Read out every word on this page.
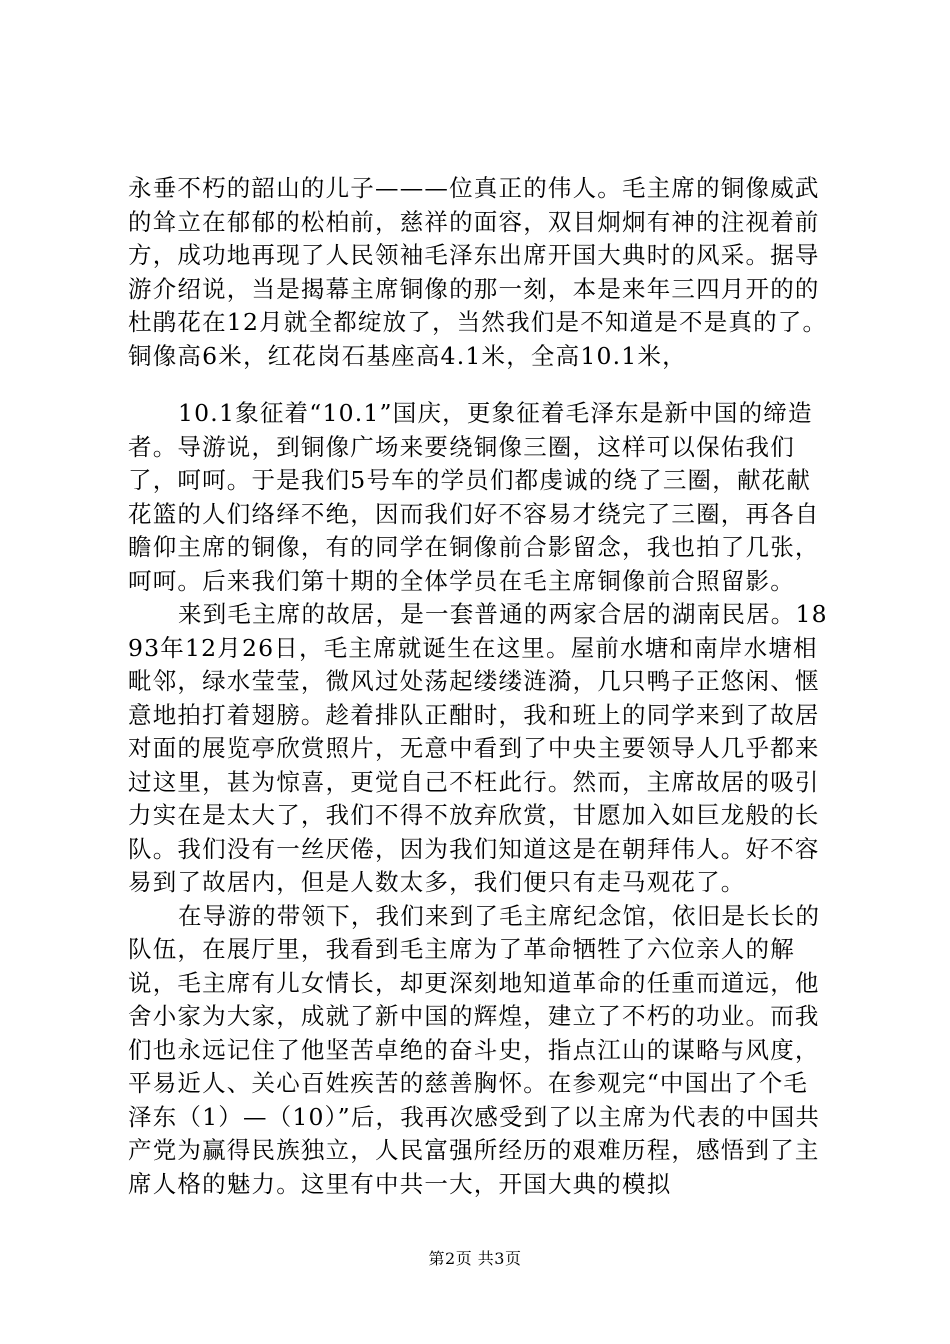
永垂不朽的韶山的儿子———位真正的伟人。毛主席的铜像威武的耸立在郁郁的松柏前，慈祥的面容，双目炯炯有神的注视着前方，成功地再现了人民领袖毛泽东出席开国大典时的风采。据导游介绍说，当是揭幕主席铜像的那一刻，本是来年三四月开的的杜鹃花在12月就全都绽放了，当然我们是不知道是不是真的了。铜像高6米，红花岗石基座高4.1米，全高10.1米，

10.1象征着“10.1”国庆，更象征着毛泽东是新中国的缔造者。导游说，到铜像广场来要绕铜像三圈，这样可以保佑我们了，呵呵。于是我们5号车的学员们都虔诚的绕了三圈，献花献花篮的人们络绎不绝，因而我们好不容易才绕完了三圈，再各自瞻仰主席的铜像，有的同学在铜像前合影留念，我也拍了几张，呵呵。后来我们第十期的全体学员在毛主席铜像前合照留影。

来到毛主席的故居，是一套普通的两家合居的湖南民居。1893年12月26日，毛主席就诞生在这里。屋前水塘和南岸水塘相毗邻，绿水莹莹，微风过处荡起缕缕涟漪，几只鸭子正悠闲、惬意地拍打着翅膀。趁着排队正酣时，我和班上的同学来到了故居对面的展览亭欣赏照片，无意中看到了中央主要领导人几乎都来过这里，甚为惊喜，更觉自己不枉此行。然而，主席故居的吸引力实在是太大了，我们不得不放弃欣赏，甘愿加入如巨龙般的长队。我们没有一丝厌倦，因为我们知道这是在朝拜伟人。好不容易到了故居内，但是人数太多，我们便只有走马观花了。

在导游的带领下，我们来到了毛主席纪念馆，依旧是长长的队伍，在展厅里，我看到毛主席为了革命牺牲了六位亲人的解说，毛主席有儿女情长，却更深刻地知道革命的任重而道远，他舍小家为大家，成就了新中国的辉煌，建立了不朽的功业。而我们也永远记住了他坚苦卓绝的奋斗史，指点江山的谋略与风度，平易近人、关心百姓疾苦的慈善胸怀。在参观完“中国出了个毛泽东（1）—（10）”后，我再次感受到了以主席为代表的中国共产党为赢得民族独立，人民富强所经历的艰难历程，感悟到了主席人格的魅力。这里有中共一大，开国大典的模拟

第2页 共3页
